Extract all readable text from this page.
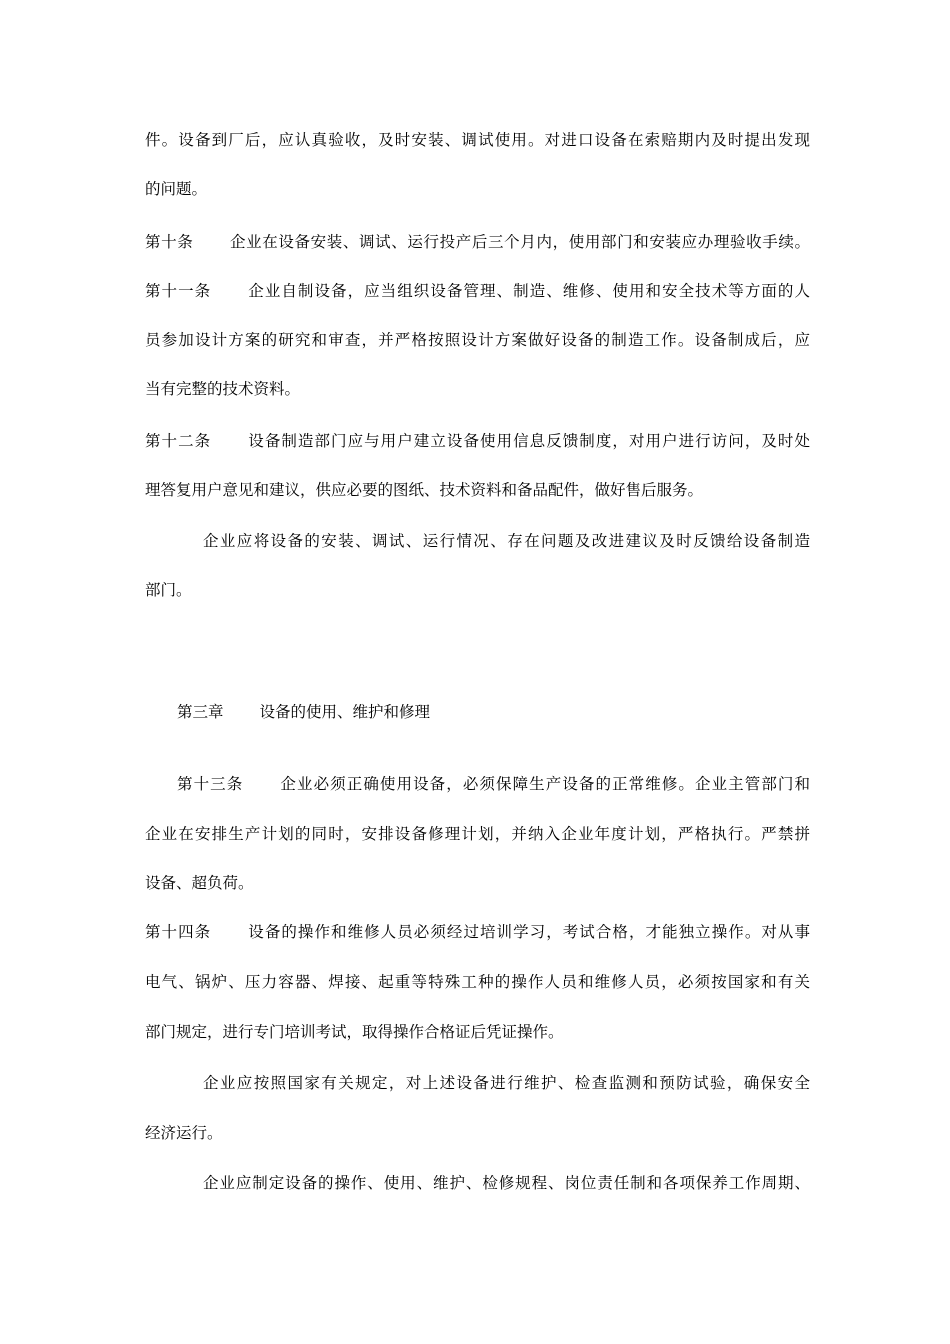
件。设备到厂后，应认真验收，及时安装、调试使用。对进口设备在索赔期内及时提出发现
的问题。
第十条 企业在设备安装、调试、运行投产后三个月内，使用部门和安装应办理验收手续。
第十一条 企业自制设备，应当组织设备管理、制造、维修、使用和安全技术等方面的人
员参加设计方案的研究和审查，并严格按照设计方案做好设备的制造工作。设备制成后，应
当有完整的技术资料。
第十二条 设备制造部门应与用户建立设备使用信息反馈制度，对用户进行访问，及时处
理答复用户意见和建议，供应必要的图纸、技术资料和备品配件，做好售后服务。
企业应将设备的安装、调试、运行情况、存在问题及改进建议及时反馈给设备制造
部门。
第三章 设备的使用、维护和修理
第十三条 企业必须正确使用设备，必须保障生产设备的正常维修。企业主管部门和
企业在安排生产计划的同时，安排设备修理计划，并纳入企业年度计划，严格执行。严禁拼
设备、超负荷。
第十四条 设备的操作和维修人员必须经过培训学习，考试合格，才能独立操作。对从事
电气、锅炉、压力容器、焊接、起重等特殊工种的操作人员和维修人员，必须按国家和有关
部门规定，进行专门培训考试，取得操作合格证后凭证操作。
企业应按照国家有关规定，对上述设备进行维护、检查监测和预防试验，确保安全
经济运行。
企业应制定设备的操作、使用、维护、检修规程、岗位责任制和各项保养工作周期、
